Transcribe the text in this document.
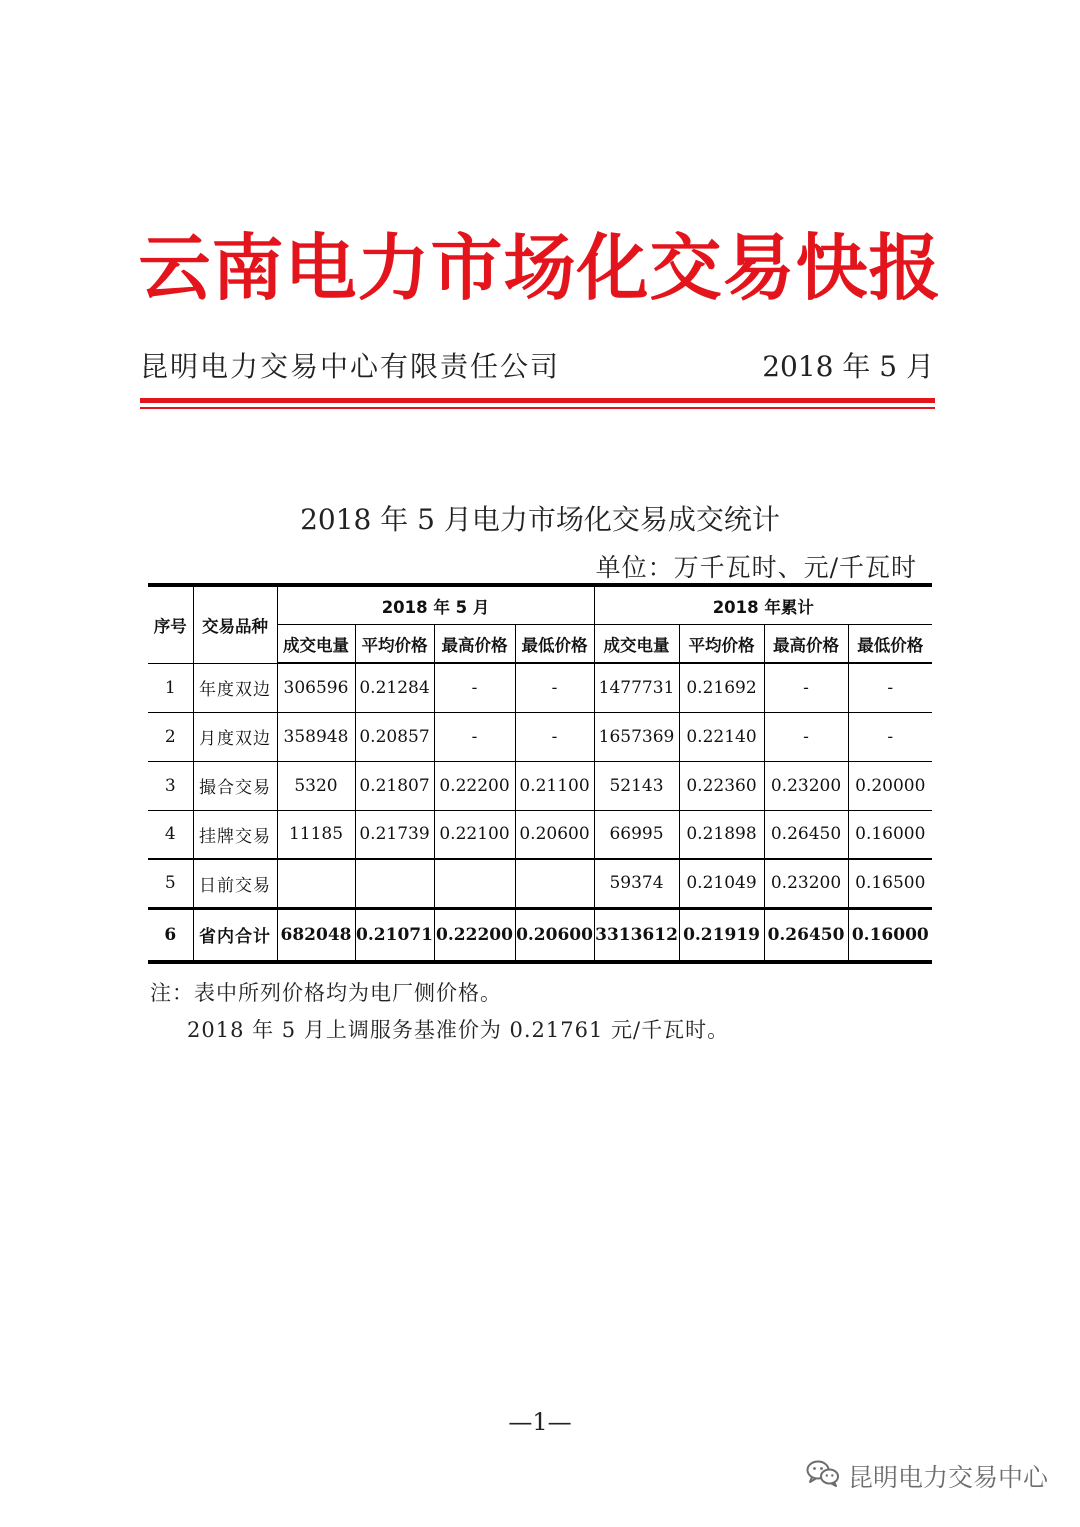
云南电力市场化交易快报
昆明电力交易中心有限责任公司	2018 年 5 月
2018 年 5 月电力市场化交易成交统计
单位：万千瓦时、元/千瓦时
序号	交易品种	2018 年 5 月				2018 年累计			
		成交电量	平均价格	最高价格	最低价格	成交电量	平均价格	最高价格	最低价格
1	年度双边	306596	0.21284	-	-	1477731	0.21692	-	-
2	月度双边	358948	0.20857	-	-	1657369	0.22140	-	-
3	撮合交易	5320	0.21807	0.22200	0.21100	52143	0.22360	0.23200	0.20000
4	挂牌交易	11185	0.21739	0.22100	0.20600	66995	0.21898	0.26450	0.16000
5	日前交易					59374	0.21049	0.23200	0.16500
6	省内合计	682048	0.21071	0.22200	0.20600	3313612	0.21919	0.26450	0.16000
注：表中所列价格均为电厂侧价格。
2018 年 5 月上调服务基准价为 0.21761 元/千瓦时。
—1—
昆明电力交易中心
